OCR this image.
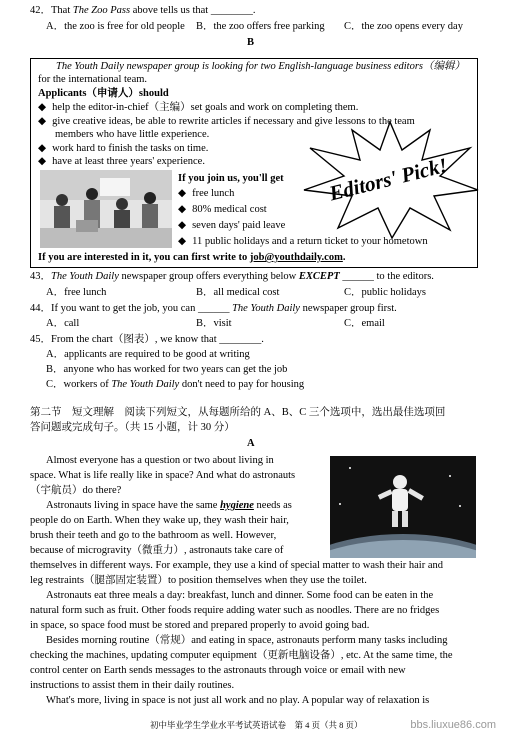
42．That The Zoo Pass above tells us that ________.
A．the zoo is free for old people B．the zoo offers free parking C．the zoo opens every day
B
The Youth Daily newspaper group is looking for two English-language business editors（编辑）
for the international team.
Applicants（申请人）should
◆ help the editor-in-chief（主编）set goals and work on completing them.
◆ give creative ideas, be able to rewrite articles if necessary and give lessons to the team
members who have little experience.
◆ work hard to finish the tasks on time.
◆ have at least three years' experience.
If you join us, you'll get
◆ free lunch
◆ 80% medical cost
◆ seven days' paid leave
◆ 11 public holidays and a return ticket to your hometown
Editors' Pick!
If you are interested in it, you can first write to job@youthdaily.com.
43．The Youth Daily newspaper group offers everything below EXCEPT ______ to the editors.
A．free lunch	B．all medical cost	C．public holidays
44．If you want to get the job, you can ______ The Youth Daily newspaper group first.
A．call	B．visit	C．email
45．From the chart（图表）, we know that ________.
A．applicants are required to be good at writing
B．anyone who has worked for two years can get the job
C．workers of The Youth Daily don't need to pay for housing
第二节　短文理解　阅读下列短文，从每题所给的 A、B、C 三个选项中，选出最佳选项回
答问题或完成句子。（共 15 小题，计 30 分）
A
Almost everyone has a question or two about living in
space. What is life really like in space? And what do astronauts
（宇航员）do there?
Astronauts living in space have the same hygiene needs as
people do on Earth. When they wake up, they wash their hair,
brush their teeth and go to the bathroom as well. However,
because of microgravity（微重力）, astronauts take care of
themselves in different ways. For example, they use a kind of special matter to wash their hair and
leg restraints（腿部固定装置）to position themselves when they use the toilet.
Astronauts eat three meals a day: breakfast, lunch and dinner. Some food can be eaten in the
natural form such as fruit. Other foods require adding water such as noodles. There are no fridges
in space, so space food must be stored and prepared properly to avoid going bad.
Besides morning routine（常规）and eating in space, astronauts perform many tasks including
checking the machines, updating computer equipment（更新电脑设备）, etc. At the same time, the
control center on Earth sends messages to the astronauts through voice or email with new
instructions to assist them in their daily routines.
What's more, living in space is not just all work and no play. A popular way of relaxation is
初中毕业学生学业水平考试英语试卷　第 4 页（共 8 页）	bbs.liuxue86.com
